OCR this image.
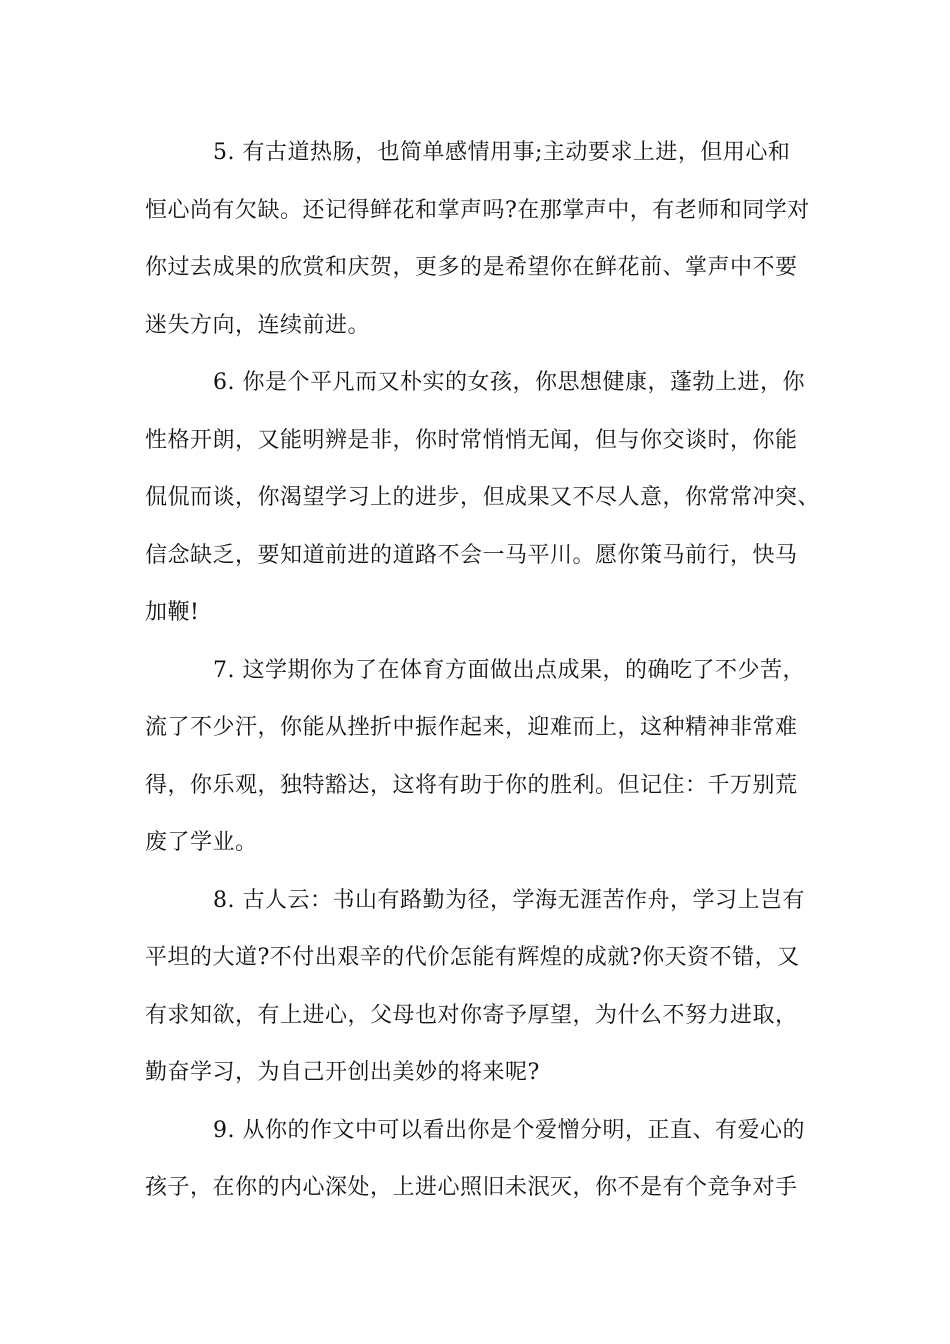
5. 有古道热肠，也简单感情用事;主动要求上进，但用心和
恒心尚有欠缺。还记得鲜花和掌声吗?在那掌声中，有老师和同学对
你过去成果的欣赏和庆贺，更多的是希望你在鲜花前、掌声中不要
迷失方向，连续前进。

6. 你是个平凡而又朴实的女孩，你思想健康，蓬勃上进，你
性格开朗，又能明辨是非，你时常悄悄无闻，但与你交谈时，你能
侃侃而谈，你渴望学习上的进步，但成果又不尽人意，你常常冲突、
信念缺乏，要知道前进的道路不会一马平川。愿你策马前行，快马
加鞭!

7. 这学期你为了在体育方面做出点成果，的确吃了不少苦，
流了不少汗，你能从挫折中振作起来，迎难而上，这种精神非常难
得，你乐观，独特豁达，这将有助于你的胜利。但记住：千万别荒
废了学业。

8. 古人云：书山有路勤为径，学海无涯苦作舟，学习上岂有
平坦的大道?不付出艰辛的代价怎能有辉煌的成就?你天资不错，又
有求知欲，有上进心，父母也对你寄予厚望，为什么不努力进取，
勤奋学习，为自己开创出美妙的将来呢?

9. 从你的作文中可以看出你是个爱憎分明，正直、有爱心的
孩子，在你的内心深处，上进心照旧未泯灭，你不是有个竞争对手
